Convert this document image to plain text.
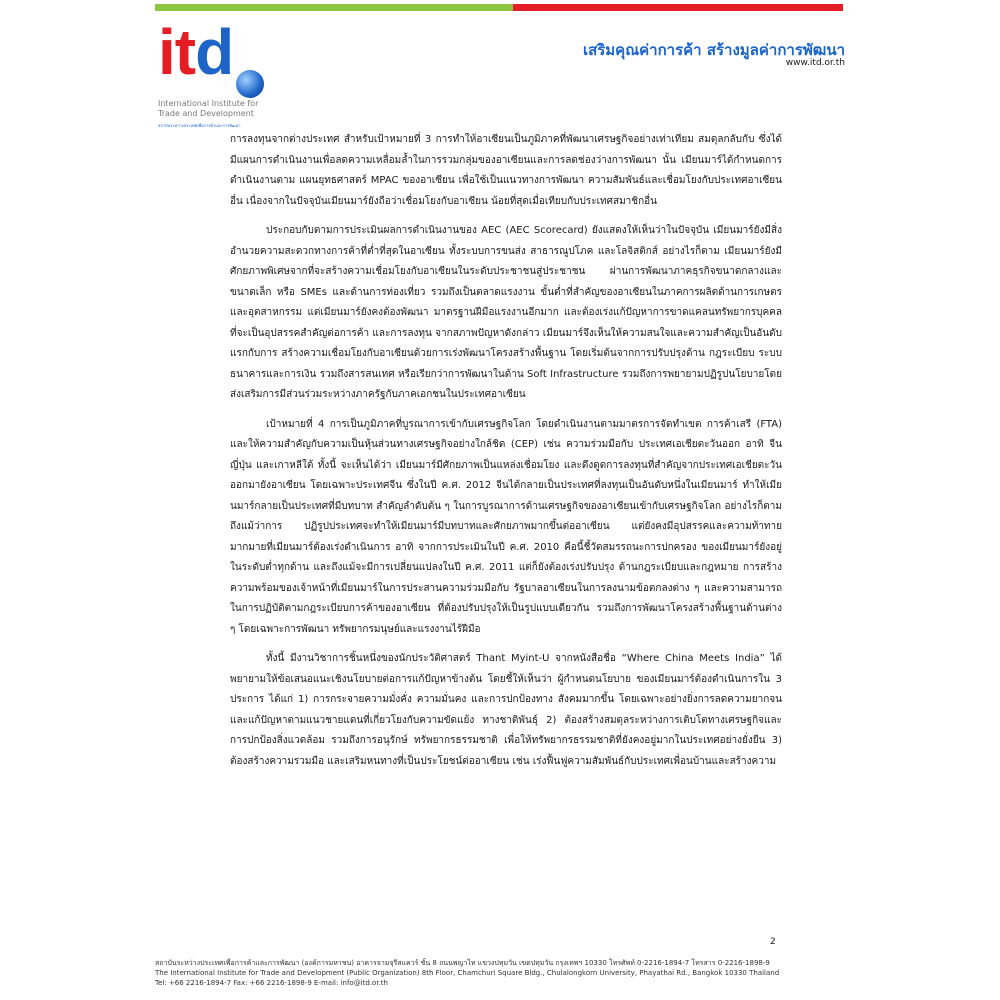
itd
International Institute for
Trade and Development
สถาบันระหว่างประเทศเพื่อการค้าและการพัฒนา
เสริมคุณค่าการค้า สร้างมูลค่าการพัฒนา
www.itd.or.th

การลงทุนจากต่างประเทศ สำหรับเป้าหมายที่ 3 การทำให้อาเซียนเป็นภูมิภาคที่พัฒนาเศรษฐกิจอย่างเท่าเทียม สมดุลกลับกับ ซึ่งได้มีแผนการดำเนินงานเพื่อลดความเหลื่อมล้ำในการรวมกลุ่มของอาเซียนและการลดช่องว่างการพัฒนา นั้น เมียนมาร์ได้กำหนดการดำเนินงานตาม แผนยุทธศาสตร์ MPAC ของอาเซียน เพื่อใช้เป็นแนวทางการพัฒนา ความสัมพันธ์และเชื่อมโยงกับประเทศอาเซียนอื่น เนื่องจากในปัจจุบันเมียนมาร์ยังถือว่าเชื่อมโยงกับอาเซียน น้อยที่สุดเมื่อเทียบกับประเทศสมาชิกอื่น

ประกอบกับตามการประเมินผลการดำเนินงานของ AEC (AEC Scorecard) ยังแสดงให้เห็นว่าในปัจจุบัน เมียนมาร์ยังมีสิ่งอำนวยความสะดวกทางการค้าที่ต่ำที่สุดในอาเซียน ทั้งระบบการขนส่ง สาธารณูปโภค และโลจิสติกส์ อย่างไรก็ตาม เมียนมาร์ยังมีศักยภาพพิเศษจากที่จะสร้างความเชื่อมโยงกับอาเซียนในระดับประชาชนสู่ประชาชน ผ่านการพัฒนาภาคธุรกิจขนาดกลางและขนาดเล็ก หรือ SMEs และด้านการท่องเที่ยว รวมถึงเป็นตลาดแรงงาน ขั้นต่ำที่สำคัญของอาเซียนในภาคการผลิตด้านการเกษตรและอุตสาหกรรม แต่เมียนมาร์ยังคงต้องพัฒนา มาตรฐานฝีมือแรงงานอีกมาก และต้องเร่งแก้ปัญหาการขาดแคลนทรัพยากรบุคคลที่จะเป็นอุปสรรคสำคัญต่อการค้า และการลงทุน จากสภาพปัญหาดังกล่าว เมียนมาร์จึงเห็นให้ความสนใจและความสำคัญเป็นอันดับแรกกับการ สร้างความเชื่อมโยงกับอาเซียนด้วยการเร่งพัฒนาโครงสร้างพื้นฐาน โดยเริ่มต้นจากการปรับปรุงด้าน กฎระเบียบ ระบบธนาคารและการเงิน รวมถึงสารสนเทศ หรือเรียกว่าการพัฒนาในด้าน Soft Infrastructure รวมถึงการพยายามปฏิรูปนโยบายโดยส่งเสริมการมีส่วนร่วมระหว่างภาครัฐกับภาคเอกชนในประเทศอาเซียน

เป้าหมายที่ 4 การเป็นภูมิภาคที่บูรณาการเข้ากับเศรษฐกิจโลก โดยดำเนินงานตามมาตรการจัดทำเขต การค้าเสรี (FTA) และให้ความสำคัญกับความเป็นหุ้นส่วนทางเศรษฐกิจอย่างใกล้ชิด (CEP) เช่น ความร่วมมือกับ ประเทศเอเชียตะวันออก อาทิ จีน ญี่ปุ่น และเกาหลีใต้ ทั้งนี้ จะเห็นได้ว่า เมียนมาร์มีศักยภาพเป็นแหล่งเชื่อมโยง และดึงดูดการลงทุนที่สำคัญจากประเทศเอเชียตะวันออกมายังอาเซียน โดยเฉพาะประเทศจีน ซึ่งในปี ค.ศ. 2012 จีนได้กลายเป็นประเทศที่ลงทุนเป็นอันดับหนึ่งในเมียนมาร์ ทำให้เมียนมาร์กลายเป็นประเทศที่มีบทบาท สำคัญลำดับต้น ๆ ในการบูรณาการด้านเศรษฐกิจของอาเซียนเข้ากับเศรษฐกิจโลก อย่างไรก็ตาม ถึงแม้ว่าการ ปฏิรูปประเทศจะทำให้เมียนมาร์มีบทบาทและศักยภาพมากขึ้นต่ออาเซียน แต่ยังคงมีอุปสรรคและความท้าทาย มากมายที่เมียนมาร์ต้องเร่งดำเนินการ อาทิ จากการประเมินในปี ค.ศ. 2010 คือนี้ชี้วัดสมรรถนะการปกครอง ของเมียนมาร์ยังอยู่ในระดับต่ำทุกด้าน และถึงแม้จะมีการเปลี่ยนแปลงในปี ค.ศ. 2011 แต่ก็ยังต้องเร่งปรับปรุง ด้านกฎระเบียบและกฎหมาย การสร้างความพร้อมของเจ้าหน้าที่เมียนมาร์ในการประสานความร่วมมือกับ รัฐบาลอาเซียนในการลงนามข้อตกลงต่าง ๆ และความสามารถในการปฏิบัติตามกฎระเบียบการค้าของอาเซียน ที่ต้องปรับปรุงให้เป็นรูปแบบเดียวกัน รวมถึงการพัฒนาโครงสร้างพื้นฐานด้านต่าง ๆ โดยเฉพาะการพัฒนา ทรัพยากรมนุษย์และแรงงานไร้ฝีมือ

ทั้งนี้ มีงานวิชาการชิ้นหนึ่งของนักประวัติศาสตร์ Thant Myint-U จากหนังสือชื่อ “Where China Meets India” ได้พยายามให้ข้อเสนอแนะเชิงนโยบายต่อการแก้ปัญหาข้างต้น โดยชี้ให้เห็นว่า ผู้กำหนดนโยบาย ของเมียนมาร์ต้องดำเนินการใน 3 ประการ ได้แก่ 1) การกระจายความมั่งคั่ง ความมั่นคง และการปกป้องทาง สังคมมากขึ้น โดยเฉพาะอย่างยิ่งการลดความยากจนและแก้ปัญหาตามแนวชายแดนที่เกี่ยวโยงกับความขัดแย้ง ทางชาติพันธุ์ 2) ต้องสร้างสมดุลระหว่างการเติบโตทางเศรษฐกิจและการปกป้องสิ่งแวดล้อม รวมถึงการอนุรักษ์ ทรัพยากรธรรมชาติ เพื่อให้ทรัพยากรธรรมชาติที่ยังคงอยู่มากในประเทศอย่างยั่งยืน 3) ต้องสร้างความรวมมือ และเสริมหนทางที่เป็นประโยชน์ต่ออาเซียน เช่น เร่งฟื้นฟูความสัมพันธ์กับประเทศเพื่อนบ้านและสร้างความ

2
สถาบันระหว่างประเทศเพื่อการค้าและการพัฒนา (องค์การมหาชน) อาคารจามจุรีสแควร์ ชั้น 8 ถนนพญาไท แขวงปทุมวัน เขตปทุมวัน กรุงเทพฯ 10330 โทรศัพท์ 0-2216-1894-7 โทรสาร 0-2216-1898-9
The International Institute for Trade and Development (Public Organization) 8th Floor, Chamchuri Square Bldg., Chulalongkorn University, Phayathai Rd., Bangkok 10330 Thailand
Tel: +66 2216-1894-7 Fax: +66 2216-1898-9 E-mail: info@itd.or.th
